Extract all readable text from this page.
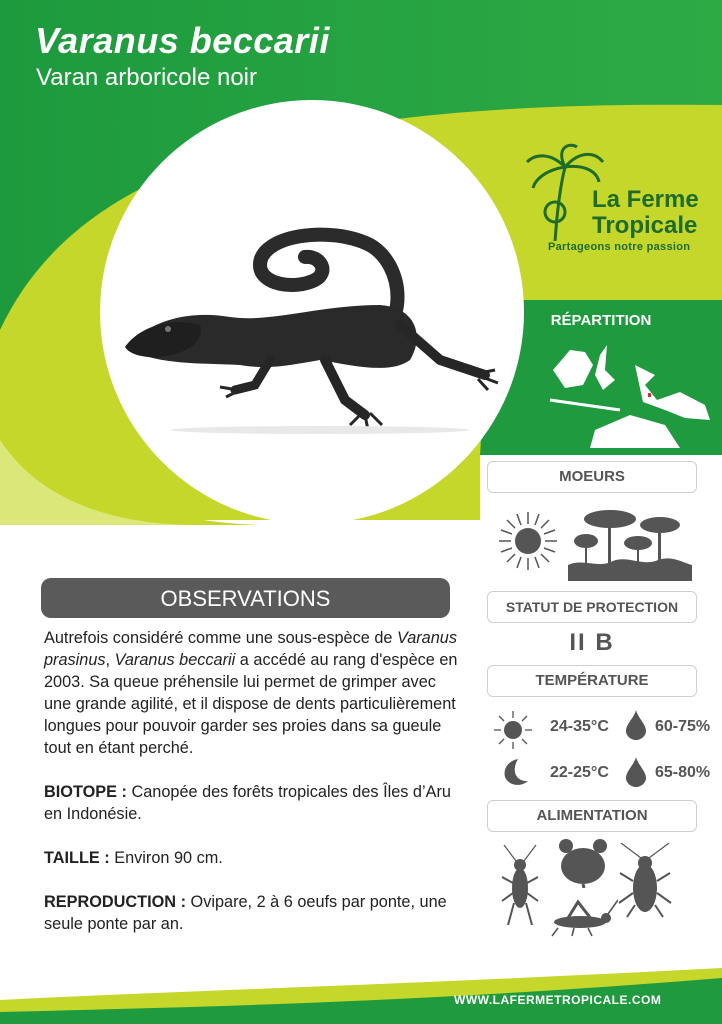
Varanus beccarii
Varan arboricole noir
La Ferme
Tropicale
Partageons notre passion
RÉPARTITION
MOEURS
STATUT DE PROTECTION
II B
TEMPÉRATURE
24-35°C	60-75%
22-25°C	65-80%
ALIMENTATION
OBSERVATIONS

Autrefois considéré comme une sous-espèce de Varanus prasinus, Varanus beccarii a accédé au rang d'espèce en 2003. Sa queue préhensile lui permet de grimper avec une grande agilité, et il dispose de dents particulièrement longues pour pouvoir garder ses proies dans sa gueule tout en étant perché.

BIOTOPE : Canopée des forêts tropicales des Îles d’Aru en Indonésie.

TAILLE : Environ 90 cm.

REPRODUCTION : Ovipare, 2 à 6 oeufs par ponte, une seule ponte par an.

WWW.LAFERMETROPICALE.COM
